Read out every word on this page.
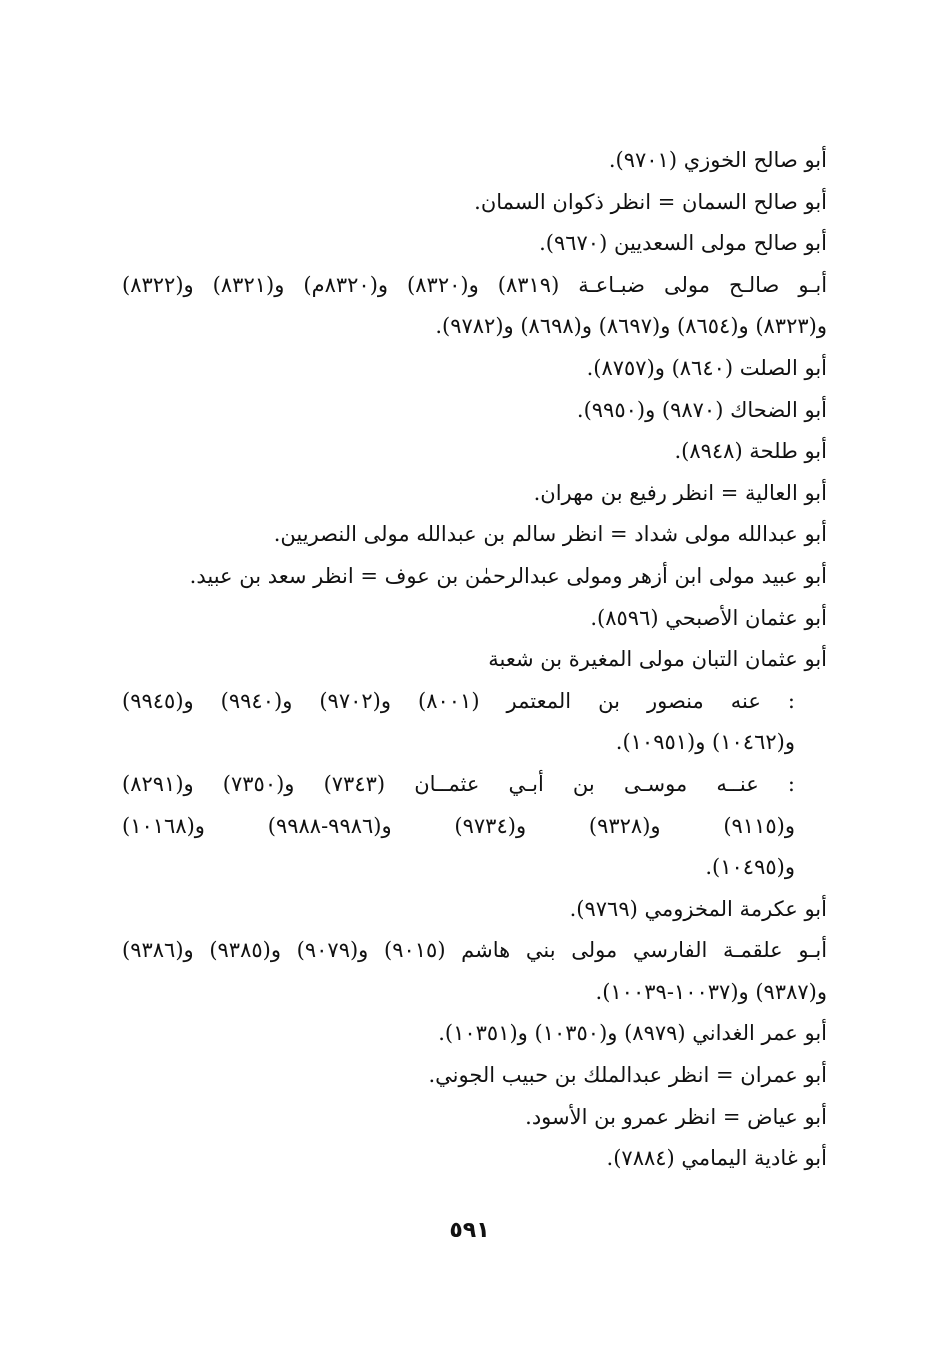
أبو صالح الخوزي (٩٧٠١).
أبو صالح السمان = انظر ذكوان السمان.
أبو صالح مولى السعديين (٩٦٧٠).
أبـو صالـح مولى ضبـاعـة (٨٣١٩) و(٨٣٢٠) و(٨٣٢٠م) و(٨٣٢١) و(٨٣٢٢)
و(٨٣٢٣) و(٨٦٥٤) و(٨٦٩٧) و(٨٦٩٨) و(٩٧٨٢).
أبو الصلت (٨٦٤٠) و(٨٧٥٧).
أبو الضحاك (٩٨٧٠) و(٩٩٥٠).
أبو طلحة (٨٩٤٨).
أبو العالية = انظر رفيع بن مهران.
أبو عبدالله مولى شداد = انظر سالم بن عبدالله مولى النصريين.
أبو عبيد مولى ابن أزهر ومولى عبدالرحمٰن بن عوف = انظر سعد بن عبيد.
أبو عثمان الأصبحي (٨٥٩٦).
أبو عثمان التبان مولى المغيرة بن شعبة
: عنه منصور بن المعتمر (٨٠٠١) و(٩٧٠٢) و(٩٩٤٠) و(٩٩٤٥)
و(١٠٤٦٢) و(١٠٩٥١).
: عنــه موسـى بن أبـي عثمــان (٧٣٤٣) و(٧٣٥٠) و(٨٢٩١)
و(٩١١٥) و(٩٣٢٨) و(٩٧٣٤) و(٩٩٨٦-٩٩٨٨) و(١٠١٦٨)
و(١٠٤٩٥).
أبو عكرمة المخزومي (٩٧٦٩).
أبـو علقمـة الفارسي مولى بني هاشم (٩٠١٥) و(٩٠٧٩) و(٩٣٨٥) و(٩٣٨٦)
و(٩٣٨٧) و(١٠٠٣٧-١٠٠٣٩).
أبو عمر الغداني (٨٩٧٩) و(١٠٣٥٠) و(١٠٣٥١).
أبو عمران = انظر عبدالملك بن حبيب الجوني.
أبو عياض = انظر عمرو بن الأسود.
أبو غادية اليمامي (٧٨٨٤).
٥٩١
